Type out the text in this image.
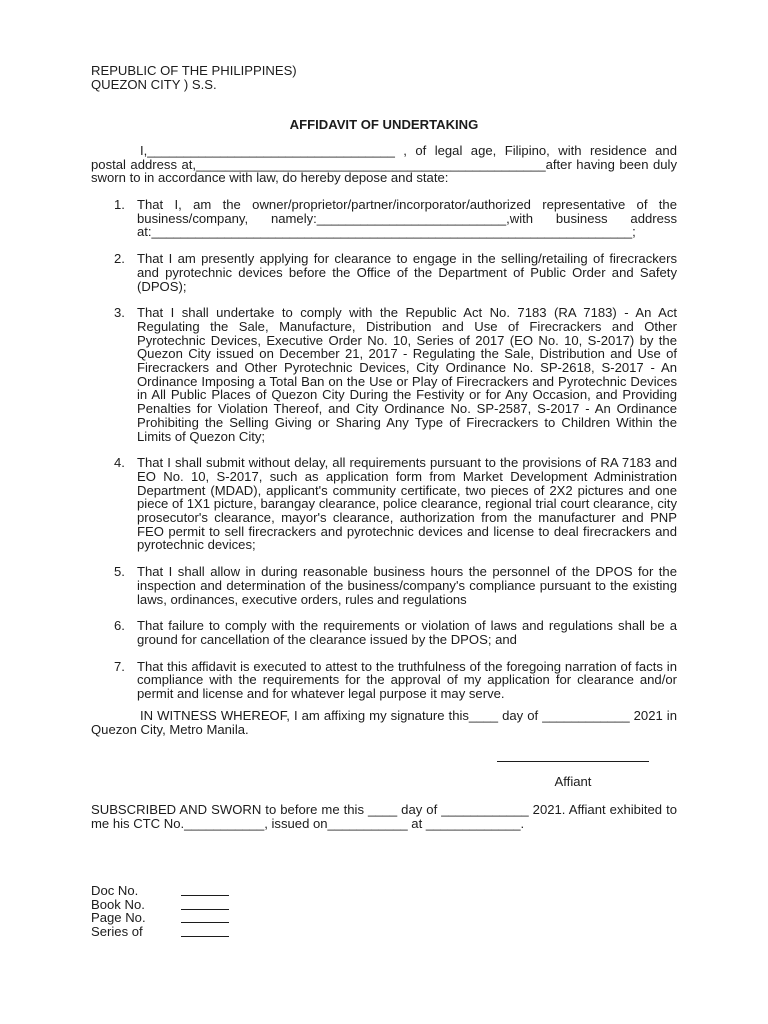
REPUBLIC OF THE PHILIPPINES)
QUEZON CITY ) S.S.
AFFIDAVIT OF UNDERTAKING
I,__________________________________ , of legal age, Filipino, with residence and postal address at,________________________________________________after having been duly sworn to in accordance with law, do hereby depose and state:
1. That I, am the owner/proprietor/partner/incorporator/authorized representative of the business/company, namely:__________________________,with business address at:__________________________________________________________________;
2. That I am presently applying for clearance to engage in the selling/retailing of firecrackers and pyrotechnic devices before the Office of the Department of Public Order and Safety (DPOS);
3. That I shall undertake to comply with the Republic Act No. 7183 (RA 7183) - An Act Regulating the Sale, Manufacture, Distribution and Use of Firecrackers and Other Pyrotechnic Devices, Executive Order No. 10, Series of 2017 (EO No. 10, S-2017) by the Quezon City issued on December 21, 2017 - Regulating the Sale, Distribution and Use of Firecrackers and Other Pyrotechnic Devices, City Ordinance No. SP-2618, S-2017 - An Ordinance Imposing a Total Ban on the Use or Play of Firecrackers and Pyrotechnic Devices in All Public Places of Quezon City During the Festivity or for Any Occasion, and Providing Penalties for Violation Thereof, and City Ordinance No. SP-2587, S-2017 - An Ordinance Prohibiting the Selling Giving or Sharing Any Type of Firecrackers to Children Within the Limits of Quezon City;
4. That I shall submit without delay, all requirements pursuant to the provisions of RA 7183 and EO No. 10, S-2017, such as application form from Market Development Administration Department (MDAD), applicant's community certificate, two pieces of 2X2 pictures and one piece of 1X1 picture, barangay clearance, police clearance, regional trial court clearance, city prosecutor's clearance, mayor's clearance, authorization from the manufacturer and PNP FEO permit to sell firecrackers and pyrotechnic devices and license to deal firecrackers and pyrotechnic devices;
5. That I shall allow in during reasonable business hours the personnel of the DPOS for the inspection and determination of the business/company's compliance pursuant to the existing laws, ordinances, executive orders, rules and regulations
6. That failure to comply with the requirements or violation of laws and regulations shall be a ground for cancellation of the clearance issued by the DPOS; and
7. That this affidavit is executed to attest to the truthfulness of the foregoing narration of facts in compliance with the requirements for the approval of my application for clearance and/or permit and license and for whatever legal purpose it may serve.
IN WITNESS WHEREOF, I am affixing my signature this____ day of ____________ 2021 in Quezon City, Metro Manila.
Affiant
SUBSCRIBED AND SWORN to before me this ____ day of ____________ 2021. Affiant exhibited to me his CTC No.___________, issued on___________ at _____________.
Doc No.
Book No.
Page No.
Series of
